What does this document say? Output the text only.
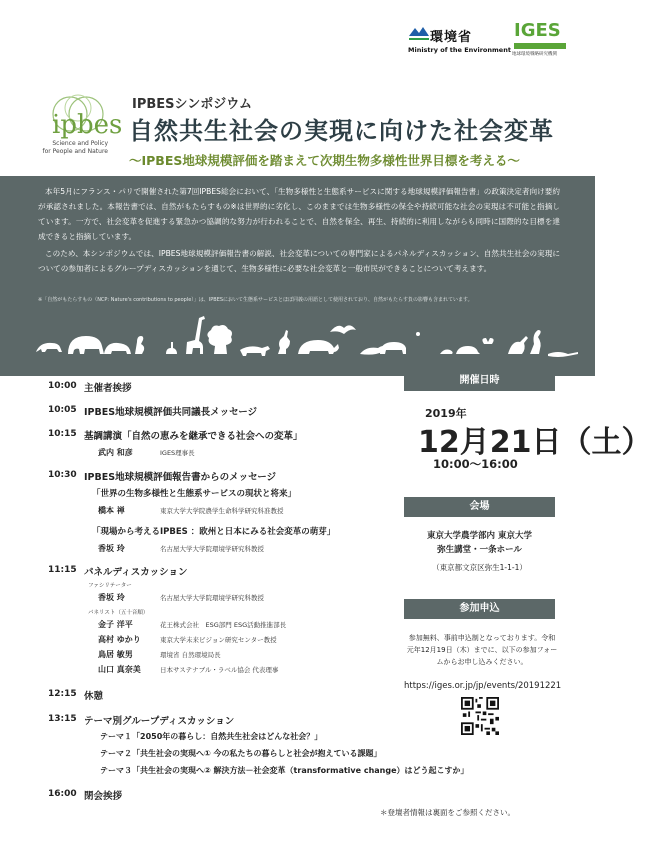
環境省
Ministry of the Environment
IGES
地球環境戦略研究機関
ipbes
Science and Policy
for People and Nature
IPBESシンポジウム
自然共生社会の実現に向けた社会変革
～IPBES地球規模評価を踏まえて次期生物多様性世界目標を考える～

本年5月にフランス・パリで開催された第7回IPBES総会において、「生物多様性と生態系サービスに関する地球規模評価報告書」の政策決定者向け要約が承認されました。本報告書では、自然がもたらすもの※は世界的に劣化し、このままでは生物多様性の保全や持続可能な社会の実現は不可能と指摘しています。一方で、社会変革を促進する緊急かつ協調的な努力が行われることで、自然を保全、再生、持続的に利用しながらも同時に国際的な目標を達成できると指摘しています。

このため、本シンポジウムでは、IPBES地球規模評価報告書の解説、社会変革についての専門家によるパネルディスカッション、自然共生社会の実現についての参加者によるグループディスカッションを通じて、生物多様性に必要な社会変革と一般市民ができることについて考えます。

※「自然がもたらすもの（NCP: Nature's contributions to people）」は、IPBESにおいて生態系サービスとほぼ同義の用語として使用されており、自然がもたらす負の影響も含まれています。
10:00 主催者挨拶
10:05 IPBES地球規模評価共同議長メッセージ
10:15 基調講演「自然の恵みを継承できる社会への変革」
武内 和彦	IGES理事長
10:30 IPBES地球規模評価報告書からのメッセージ
「世界の生物多様性と生態系サービスの現状と将来」
橋本 禅	東京大学大学院農学生命科学研究科准教授
「現場から考えるIPBES ：欧州と日本にみる社会変革の萌芽」
香坂 玲	名古屋大学大学院環境学研究科教授
11:15 パネルディスカッション
ファシリテーター
香坂 玲	名古屋大学大学院環境学研究科教授
パネリスト（五十音順）
金子 洋平	花王株式会社　ESG部門 ESG活動推進部長
高村 ゆかり	東京大学未来ビジョン研究センター教授
鳥居 敏男	環境省 自然環境局長
山口 真奈美	日本サステナブル・ラベル協会 代表理事
12:15 休憩
13:15 テーマ別グループディスカッション
テーマ１「2050年の暮らし：自然共生社会はどんな社会？」
テーマ２「共生社会の実現へ① 今の私たちの暮らしと社会が抱えている課題」
テーマ３「共生社会の実現へ② 解決方法－社会変革（transformative change）はどう起こすか」
16:00 閉会挨拶
開催日時
2019年
12月21日（土）
10:00～16:00
会場
東京大学農学部内 東京大学
弥生講堂・一条ホール
（東京都文京区弥生1-1-1）
参加申込
参加無料、事前申込制となっております。令和元年12月19日（木）までに、以下の参加フォームからお申し込みください。
https://iges.or.jp/jp/events/20191221
＊登壇者情報は裏面をご参照ください。
